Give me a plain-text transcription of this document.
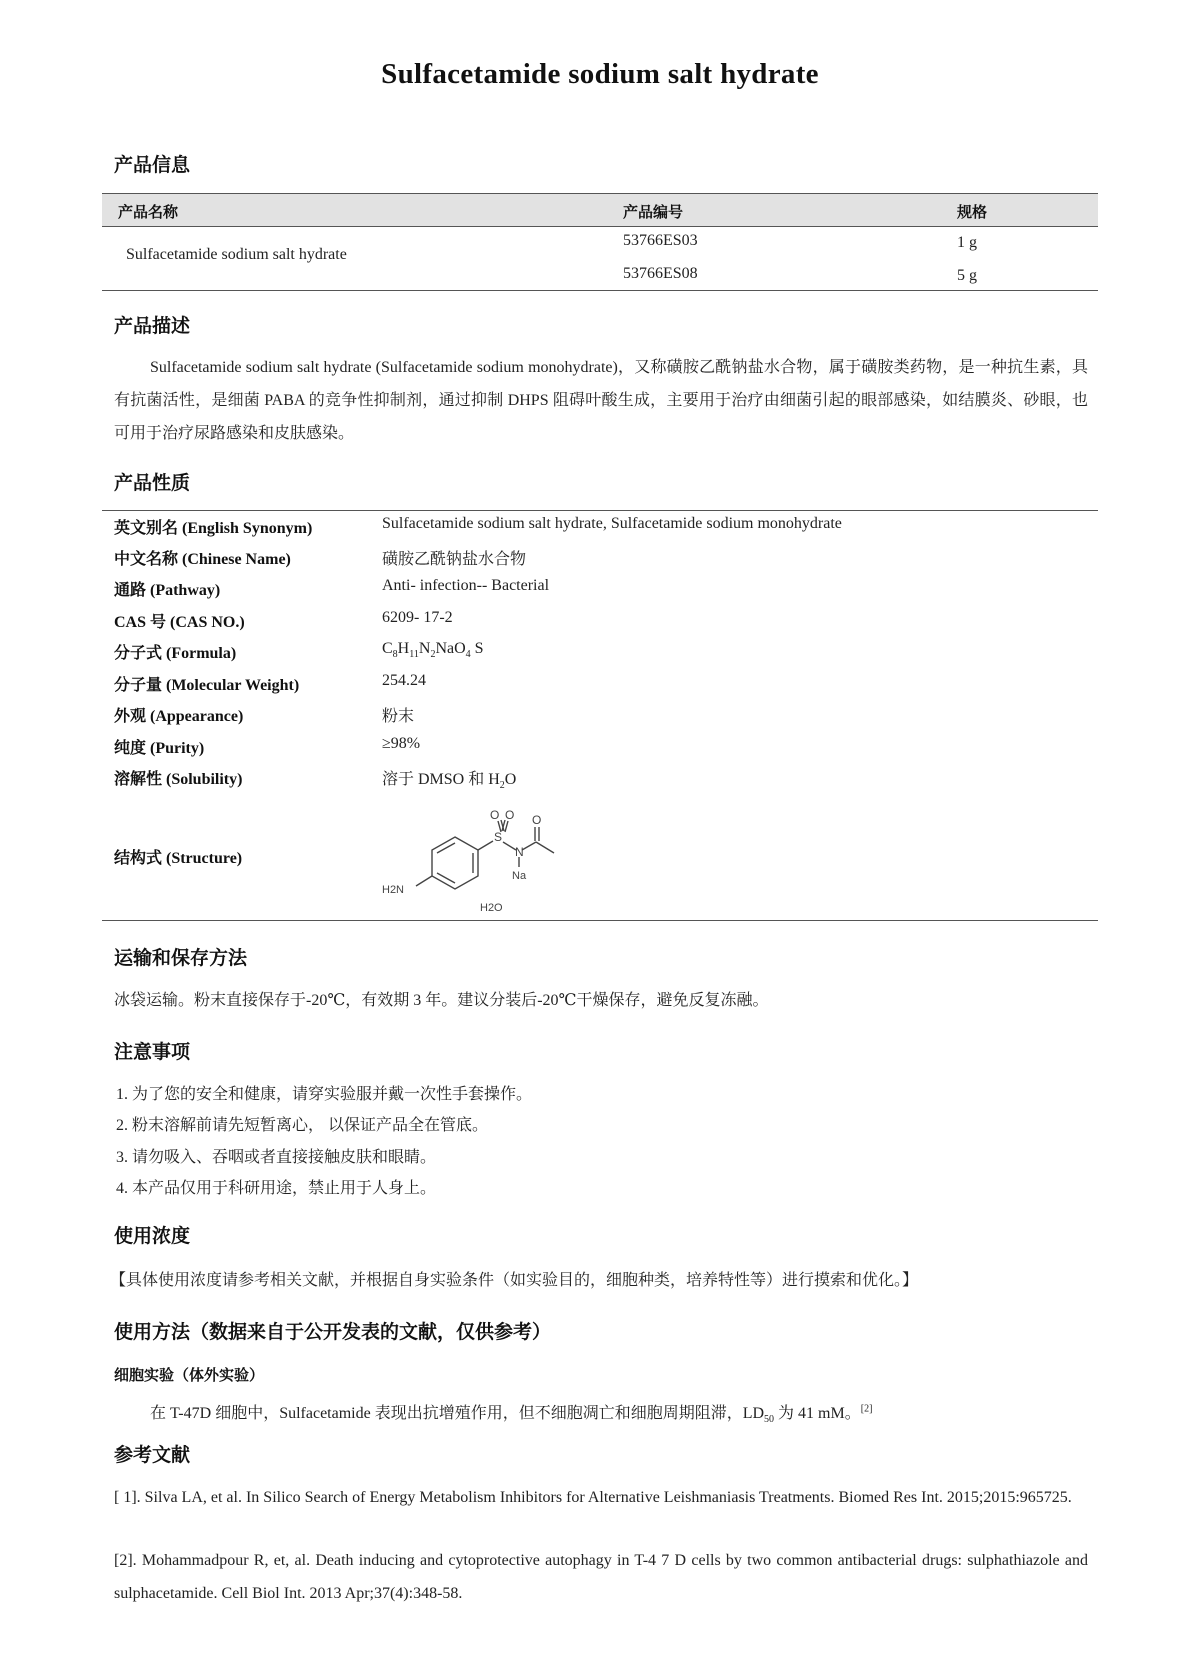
Sulfacetamide sodium salt hydrate
产品信息
产品名称	产品编号	规格
Sulfacetamide sodium salt hydrate
53766ES03	1 g
53766ES08	5 g
产品描述
Sulfacetamide sodium salt hydrate (Sulfacetamide sodium monohydrate)，又称磺胺乙酰钠盐水合物，属于磺胺类药物，是一种抗生素，具有抗菌活性，是细菌 PABA 的竞争性抑制剂，通过抑制 DHPS 阻碍叶酸生成，主要用于治疗由细菌引起的眼部感染，如结膜炎、砂眼，也可用于治疗尿路感染和皮肤感染。
产品性质
英文别名 (English Synonym)	Sulfacetamide sodium salt hydrate, Sulfacetamide sodium monohydrate
中文名称 (Chinese Name)	磺胺乙酰钠盐水合物
通路 (Pathway)	Anti- infection-- Bacterial
CAS 号 (CAS NO.)	6209- 17-2
分子式 (Formula)	$C_8H_{11}N_2NaO_4$ S
分子量 (Molecular Weight)	254.24
外观 (Appearance)	粉末
纯度 (Purity)	≥98%
溶解性 (Solubility)	溶于 DMSO 和 $H_2O$
结构式 (Structure)
O O
S
N
O
Na
H2N
H2O
运输和保存方法
冰袋运输。粉末直接保存于-20℃，有效期 3 年。建议分装后-20℃干燥保存，避免反复冻融。
注意事项
1. 为了您的安全和健康，请穿实验服并戴一次性手套操作。
2. 粉末溶解前请先短暂离心， 以保证产品全在管底。
3. 请勿吸入、吞咽或者直接接触皮肤和眼睛。
4. 本产品仅用于科研用途，禁止用于人身上。
使用浓度
【具体使用浓度请参考相关文献，并根据自身实验条件（如实验目的，细胞种类，培养特性等）进行摸索和优化。】
使用方法（数据来自于公开发表的文献，仅供参考）
细胞实验（体外实验）
在 T-47D 细胞中，Sulfacetamide 表现出抗增殖作用，但不细胞凋亡和细胞周期阻滞，$LD_{50}$ 为 41 mM。[2]
参考文献
[ 1]. Silva LA, et al. In Silico Search of Energy Metabolism Inhibitors for Alternative Leishmaniasis Treatments. Biomed Res Int. 2015;2015:965725.
[2]. Mohammadpour R, et, al. Death inducing and cytoprotective autophagy in T-4 7 D cells by two common antibacterial drugs: sulphathiazole and sulphacetamide. Cell Biol Int. 2013 Apr;37(4):348-58.
